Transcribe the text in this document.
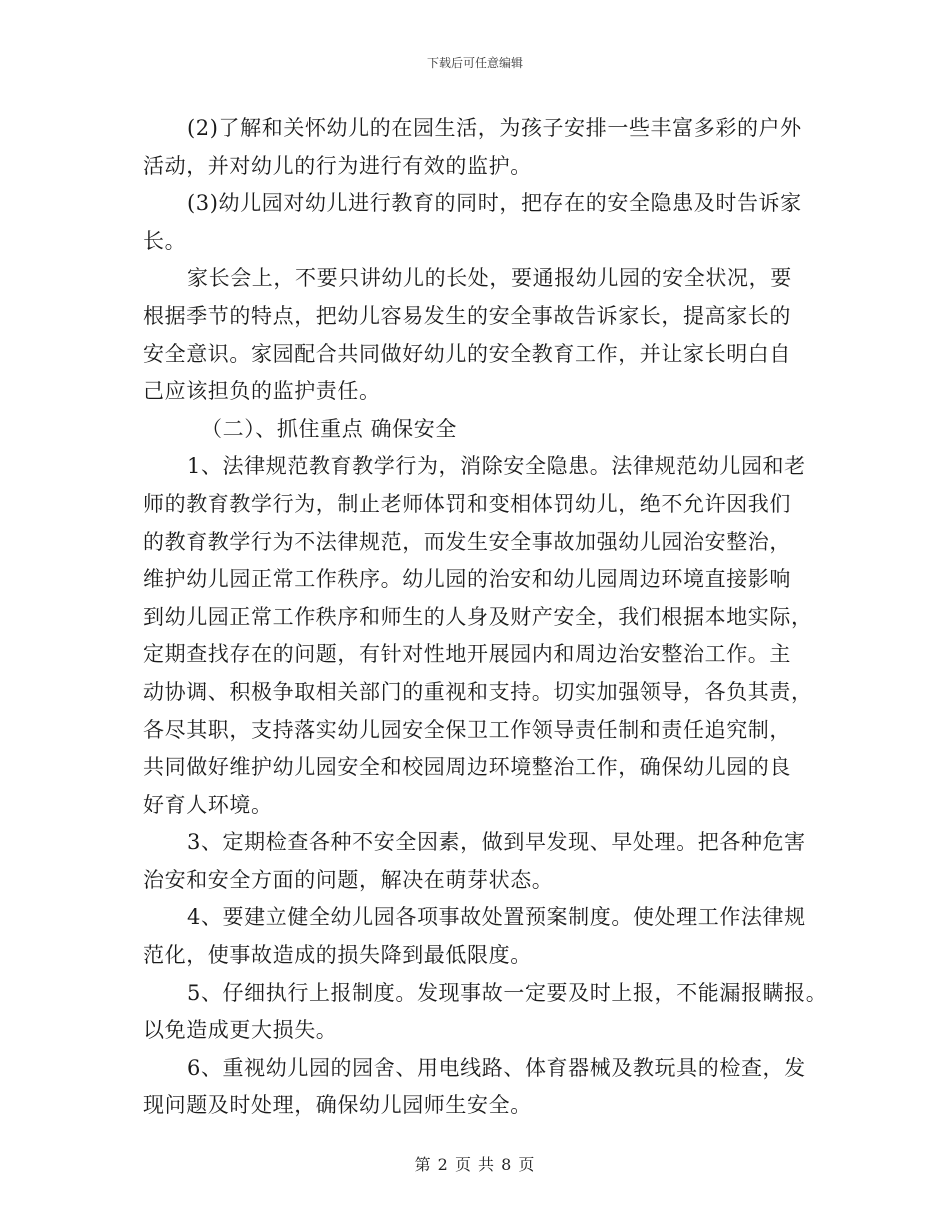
下载后可任意编辑
(2)了解和关怀幼儿的在园生活，为孩子安排一些丰富多彩的户外
活动，并对幼儿的行为进行有效的监护。
(3)幼儿园对幼儿进行教育的同时，把存在的安全隐患及时告诉家
长。
家长会上，不要只讲幼儿的长处，要通报幼儿园的安全状况，要
根据季节的特点，把幼儿容易发生的安全事故告诉家长，提高家长的
安全意识。家园配合共同做好幼儿的安全教育工作，并让家长明白自
己应该担负的监护责任。
（二）、抓住重点 确保安全
1、法律规范教育教学行为，消除安全隐患。法律规范幼儿园和老
师的教育教学行为，制止老师体罚和变相体罚幼儿，绝不允许因我们
的教育教学行为不法律规范，而发生安全事故加强幼儿园治安整治，
维护幼儿园正常工作秩序。幼儿园的治安和幼儿园周边环境直接影响
到幼儿园正常工作秩序和师生的人身及财产安全，我们根据本地实际，
定期查找存在的问题，有针对性地开展园内和周边治安整治工作。主
动协调、积极争取相关部门的重视和支持。切实加强领导，各负其责，
各尽其职，支持落实幼儿园安全保卫工作领导责任制和责任追究制，
共同做好维护幼儿园安全和校园周边环境整治工作，确保幼儿园的良
好育人环境。
3、定期检查各种不安全因素，做到早发现、早处理。把各种危害
治安和安全方面的问题，解决在萌芽状态。
4、要建立健全幼儿园各项事故处置预案制度。使处理工作法律规
范化，使事故造成的损失降到最低限度。
5、仔细执行上报制度。发现事故一定要及时上报，不能漏报瞒报。
以免造成更大损失。
6、重视幼儿园的园舍、用电线路、体育器械及教玩具的检查，发
现问题及时处理，确保幼儿园师生安全。
第 2 页 共 8 页
